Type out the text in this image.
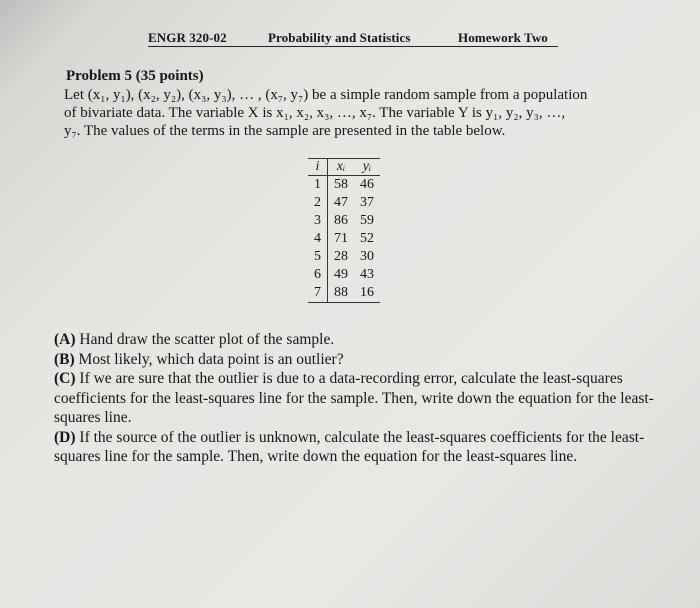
ENGR 320-02	Probability and Statistics	Homework Two
Problem 5 (35 points)

Let (x₁, y₁), (x₂, y₂), (x₃, y₃), … , (x₇, y₇) be a simple random sample from a population

of bivariate data. The variable X is x₁, x₂, x₃, …, x₇. The variable Y is y₁, y₂, y₃, …,

y₇. The values of the terms in the sample are presented in the table below.

i	xᵢ	yᵢ
1	58	46
2	47	37
3	86	59
4	71	52
5	28	30
6	49	43
7	88	16

(A) Hand draw the scatter plot of the sample.

(B) Most likely, which data point is an outlier?

(C) If we are sure that the outlier is due to a data-recording error, calculate the least-squares coefficients for the least-squares line for the sample. Then, write down the equation for the least-squares line.

(D) If the source of the outlier is unknown, calculate the least-squares coefficients for the least-squares line for the sample. Then, write down the equation for the least-squares line.
